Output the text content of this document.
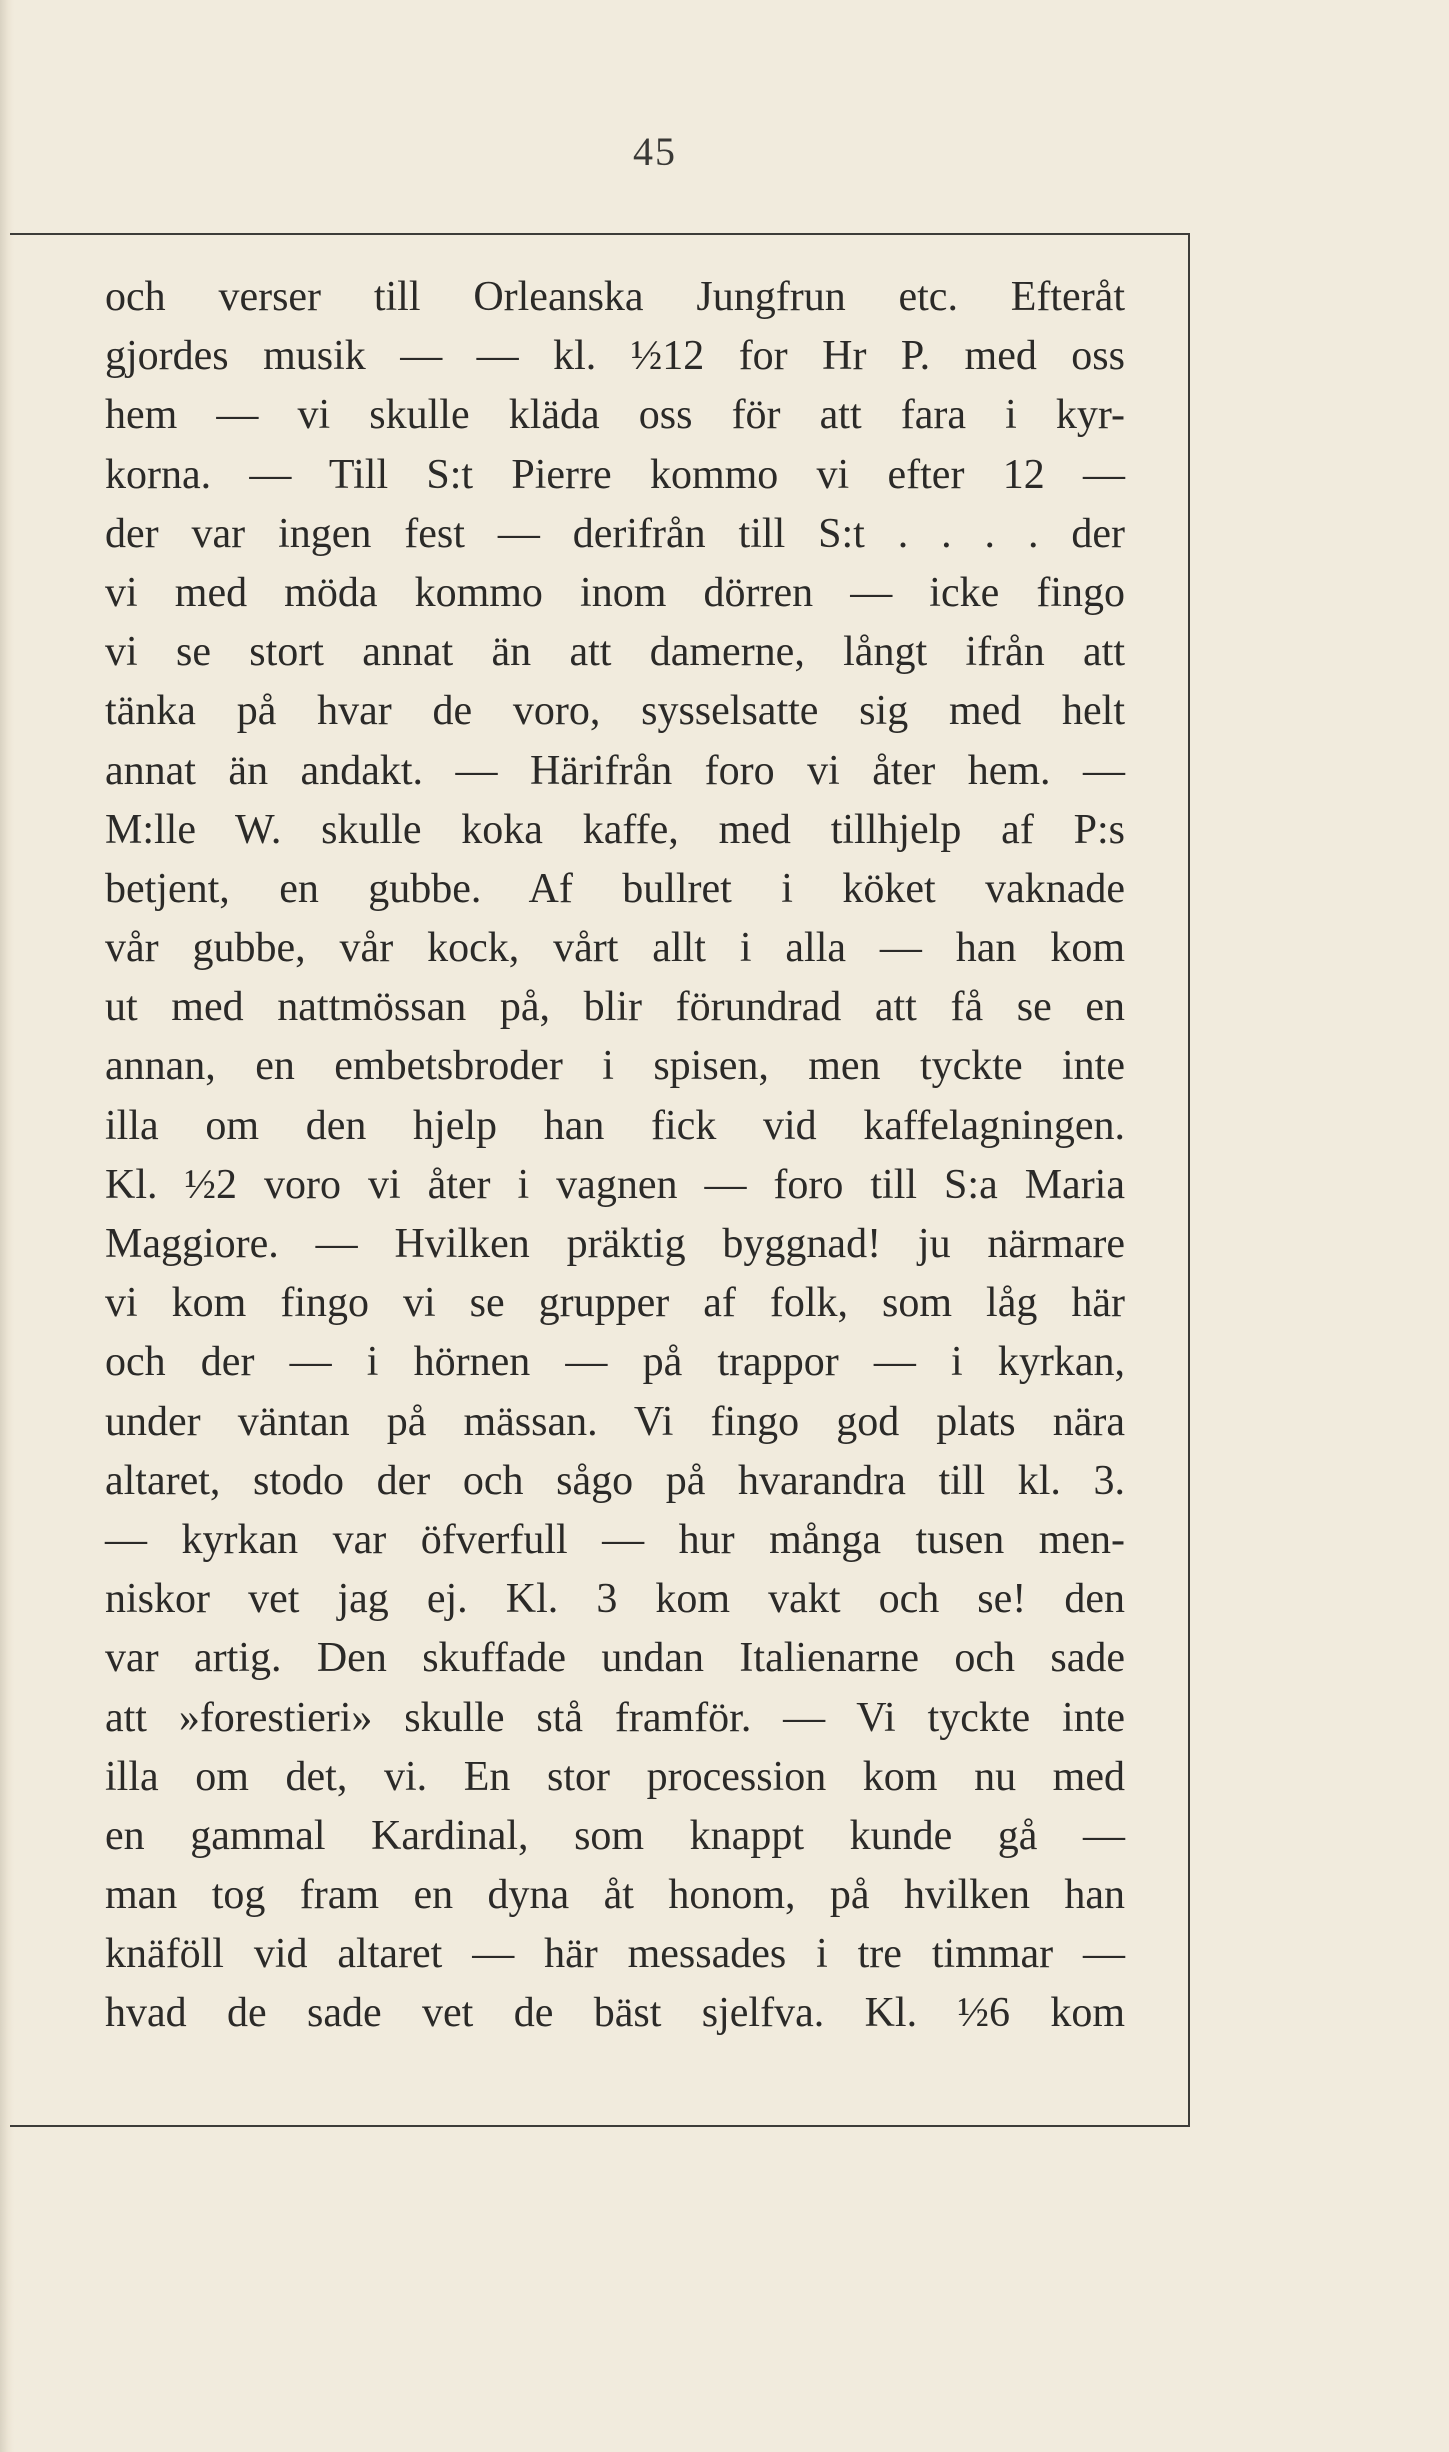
45
och verser till Orleanska Jungfrun etc. Efteråt
gjordes musik — — kl. ½12 for Hr P. med oss
hem — vi skulle kläda oss för att fara i kyr-
korna. — Till S:t Pierre kommo vi efter 12 —
der var ingen fest — derifrån till S:t . . . . der
vi med möda kommo inom dörren — icke fingo
vi se stort annat än att damerne, långt ifrån att
tänka på hvar de voro, sysselsatte sig med helt
annat än andakt. — Härifrån foro vi åter hem. —
M:lle W. skulle koka kaffe, med tillhjelp af P:s
betjent, en gubbe. Af bullret i köket vaknade
vår gubbe, vår kock, vårt allt i alla — han kom
ut med nattmössan på, blir förundrad att få se en
annan, en embetsbroder i spisen, men tyckte inte
illa om den hjelp han fick vid kaffelagningen.
Kl. ½2 voro vi åter i vagnen — foro till S:a Maria
Maggiore. — Hvilken präktig byggnad! ju närmare
vi kom fingo vi se grupper af folk, som låg här
och der — i hörnen — på trappor — i kyrkan,
under väntan på mässan. Vi fingo god plats nära
altaret, stodo der och sågo på hvarandra till kl. 3.
— kyrkan var öfverfull — hur många tusen men-
niskor vet jag ej. Kl. 3 kom vakt och se! den
var artig. Den skuffade undan Italienarne och sade
att »forestieri» skulle stå framför. — Vi tyckte inte
illa om det, vi. En stor procession kom nu med
en gammal Kardinal, som knappt kunde gå —
man tog fram en dyna åt honom, på hvilken han
knäföll vid altaret — här messades i tre timmar —
hvad de sade vet de bäst sjelfva. Kl. ½6 kom
